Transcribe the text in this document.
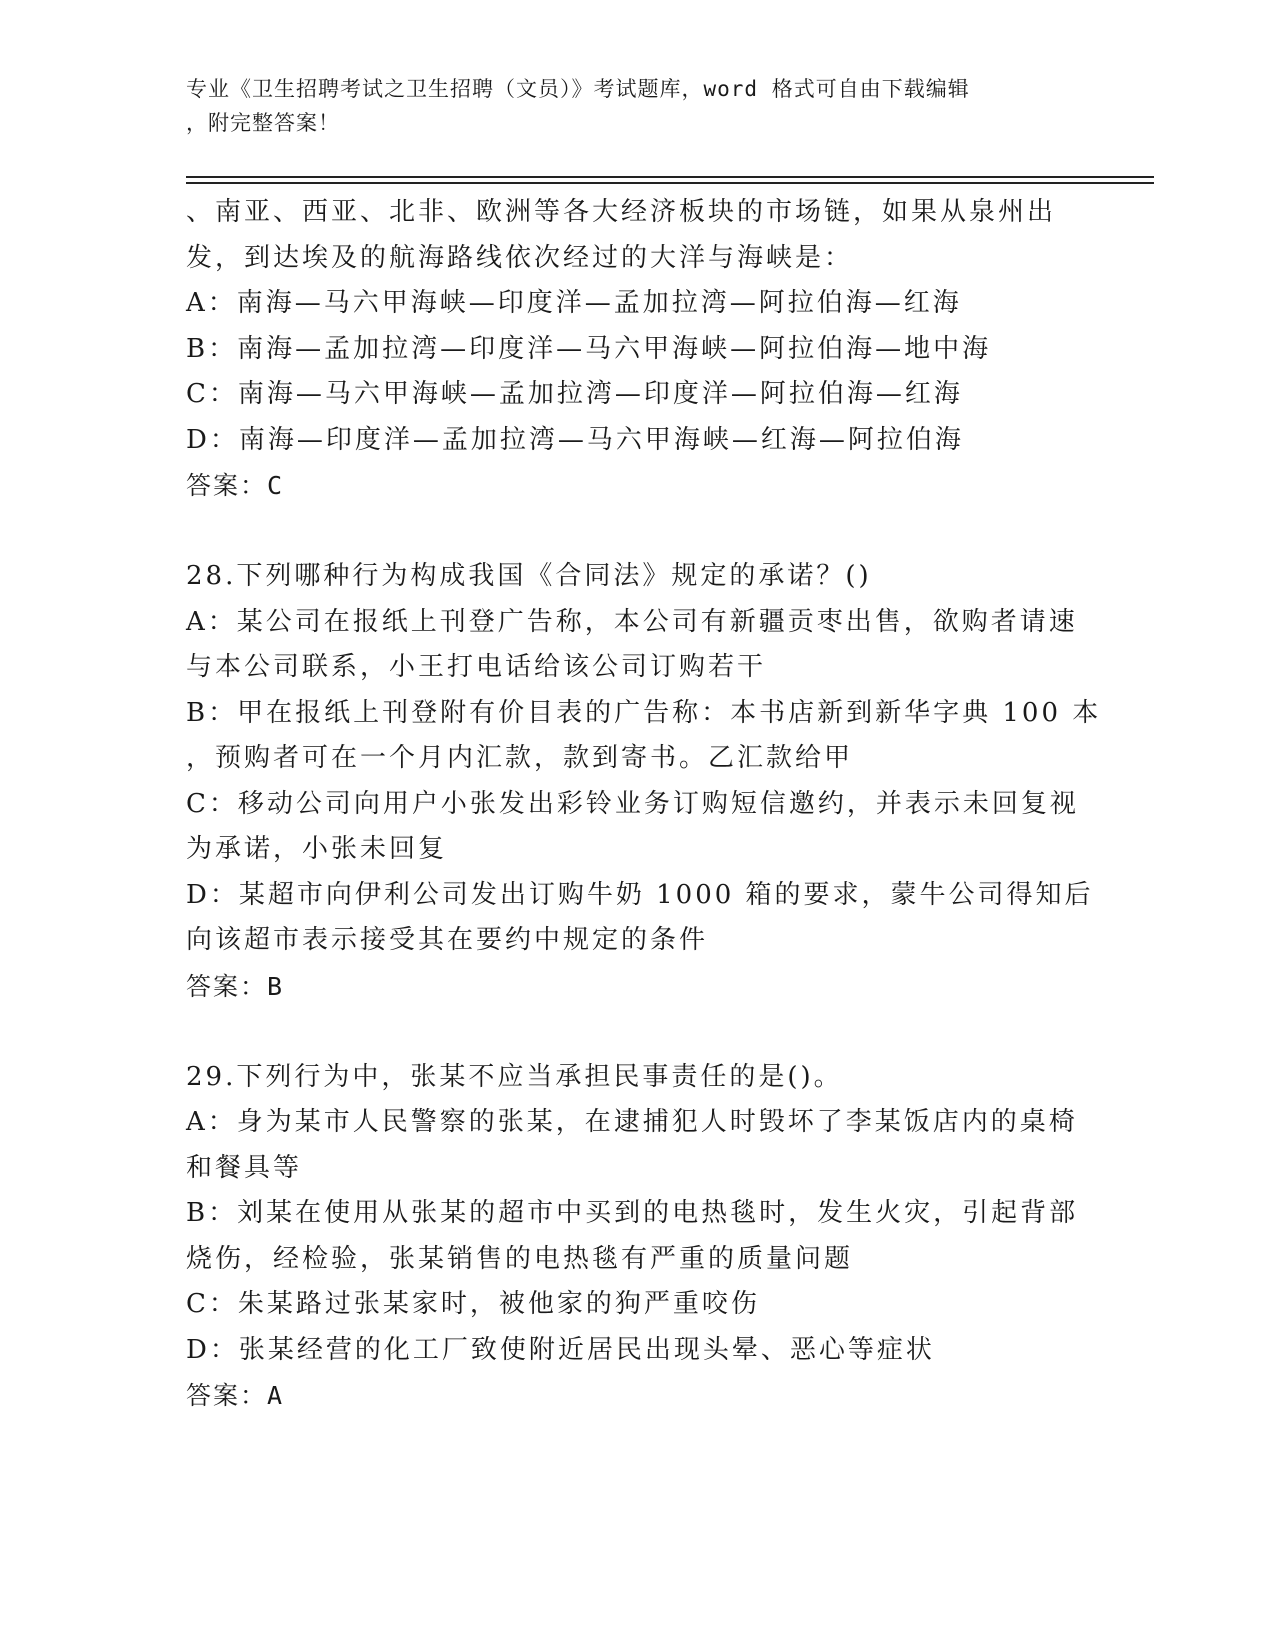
专业《卫生招聘考试之卫生招聘（文员）》考试题库，word 格式可自由下载编辑
，附完整答案！
、南亚、西亚、北非、欧洲等各大经济板块的市场链，如果从泉州出
发，到达埃及的航海路线依次经过的大洋与海峡是：
A：南海—马六甲海峡—印度洋—孟加拉湾—阿拉伯海—红海
B：南海—孟加拉湾—印度洋—马六甲海峡—阿拉伯海—地中海
C：南海—马六甲海峡—孟加拉湾—印度洋—阿拉伯海—红海
D：南海—印度洋—孟加拉湾—马六甲海峡—红海—阿拉伯海
答案：C
28.下列哪种行为构成我国《合同法》规定的承诺？()
A：某公司在报纸上刊登广告称，本公司有新疆贡枣出售，欲购者请速
与本公司联系，小王打电话给该公司订购若干
B：甲在报纸上刊登附有价目表的广告称：本书店新到新华字典 100 本
，预购者可在一个月内汇款，款到寄书。乙汇款给甲
C：移动公司向用户小张发出彩铃业务订购短信邀约，并表示未回复视
为承诺，小张未回复
D：某超市向伊利公司发出订购牛奶 1000 箱的要求，蒙牛公司得知后
向该超市表示接受其在要约中规定的条件
答案：B
29.下列行为中，张某不应当承担民事责任的是()。
A：身为某市人民警察的张某，在逮捕犯人时毁坏了李某饭店内的桌椅
和餐具等
B：刘某在使用从张某的超市中买到的电热毯时，发生火灾，引起背部
烧伤，经检验，张某销售的电热毯有严重的质量问题
C：朱某路过张某家时，被他家的狗严重咬伤
D：张某经营的化工厂致使附近居民出现头晕、恶心等症状
答案：A
